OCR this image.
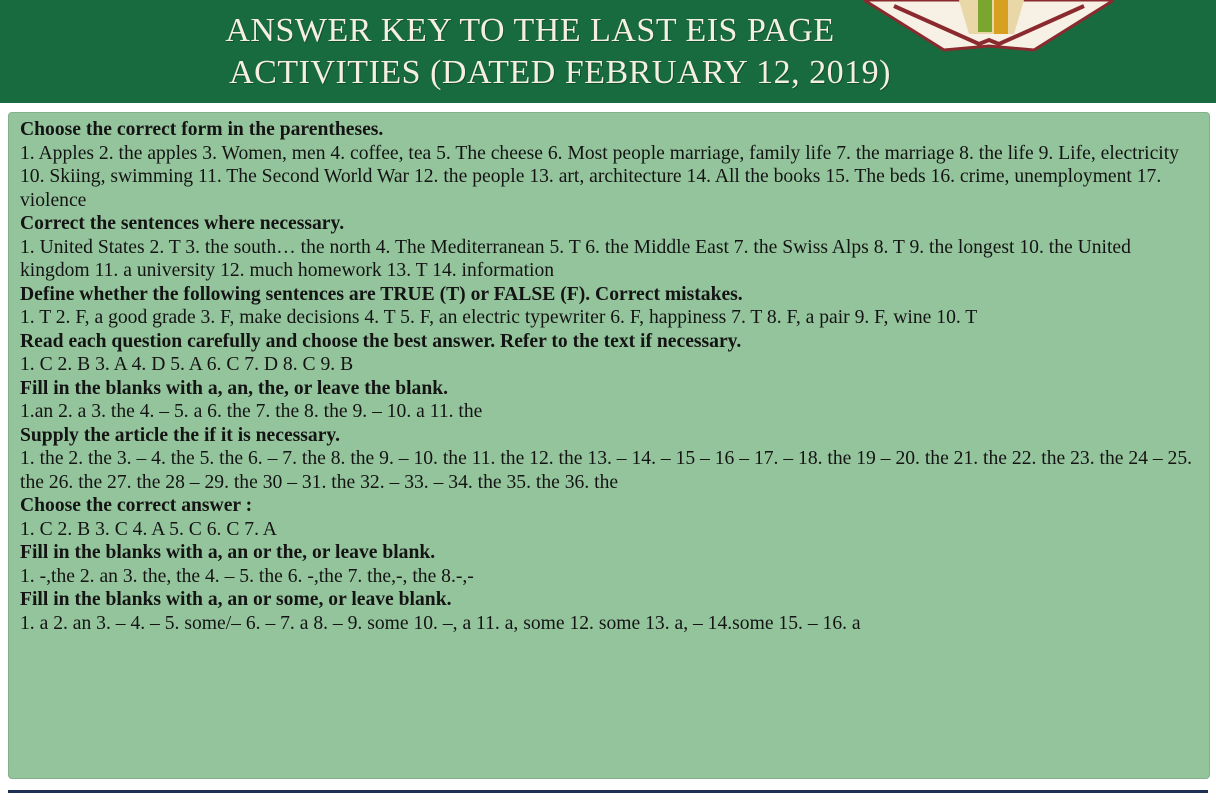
ANSWER KEY TO THE LAST EIS PAGE
ACTIVITIES (DATED FEBRUARY 12, 2019)
Choose the correct form in the parentheses.
1. Apples 2. the apples 3. Women, men 4. coffee, tea 5. The cheese 6. Most people marriage, family life 7. the marriage 8. the life 9. Life, electricity 10. Skiing, swimming 11. The Second World War 12. the people 13. art, architecture 14. All the books 15. The beds 16. crime, unemployment 17. violence
Correct the sentences where necessary.
1. United States 2. T 3. the south… the north 4. The Mediterranean 5. T 6. the Middle East 7. the Swiss Alps 8. T 9. the longest 10. the United kingdom 11. a university 12. much homework 13. T 14. information
Define whether the following sentences are TRUE (T) or FALSE (F). Correct mistakes.
1. T 2. F, a good grade 3. F, make decisions 4. T 5. F, an electric typewriter 6. F, happiness 7. T 8. F, a pair 9. F, wine 10. T
Read each question carefully and choose the best answer. Refer to the text if necessary.
1. C 2. B 3. A 4. D 5. A 6. C 7. D 8. C 9. B
Fill in the blanks with a, an, the, or leave the blank.
1.an 2. a 3. the 4. – 5. a 6. the 7. the 8. the 9. – 10. a 11. the
Supply the article the if it is necessary.
1. the 2. the 3. – 4. the 5. the 6. – 7. the 8. the 9. – 10. the 11. the 12. the 13. – 14. – 15 – 16 – 17. – 18. the 19 – 20. the 21. the 22. the 23. the 24 – 25. the 26. the 27. the 28 – 29. the 30 – 31. the 32. – 33. – 34. the 35. the 36. the
Choose the correct answer :
1. C 2. B 3. C 4. A 5. C 6. C 7. A
Fill in the blanks with a, an or the, or leave blank.
1. -,the 2. an 3. the, the 4. – 5. the 6. -,the 7. the,-, the 8.-,-
Fill in the blanks with a, an or some, or leave blank.
1. a 2. an 3. – 4. – 5. some/– 6. – 7. a 8. – 9. some 10. –, a 11. a, some 12. some 13. a, – 14.some 15. – 16. a
